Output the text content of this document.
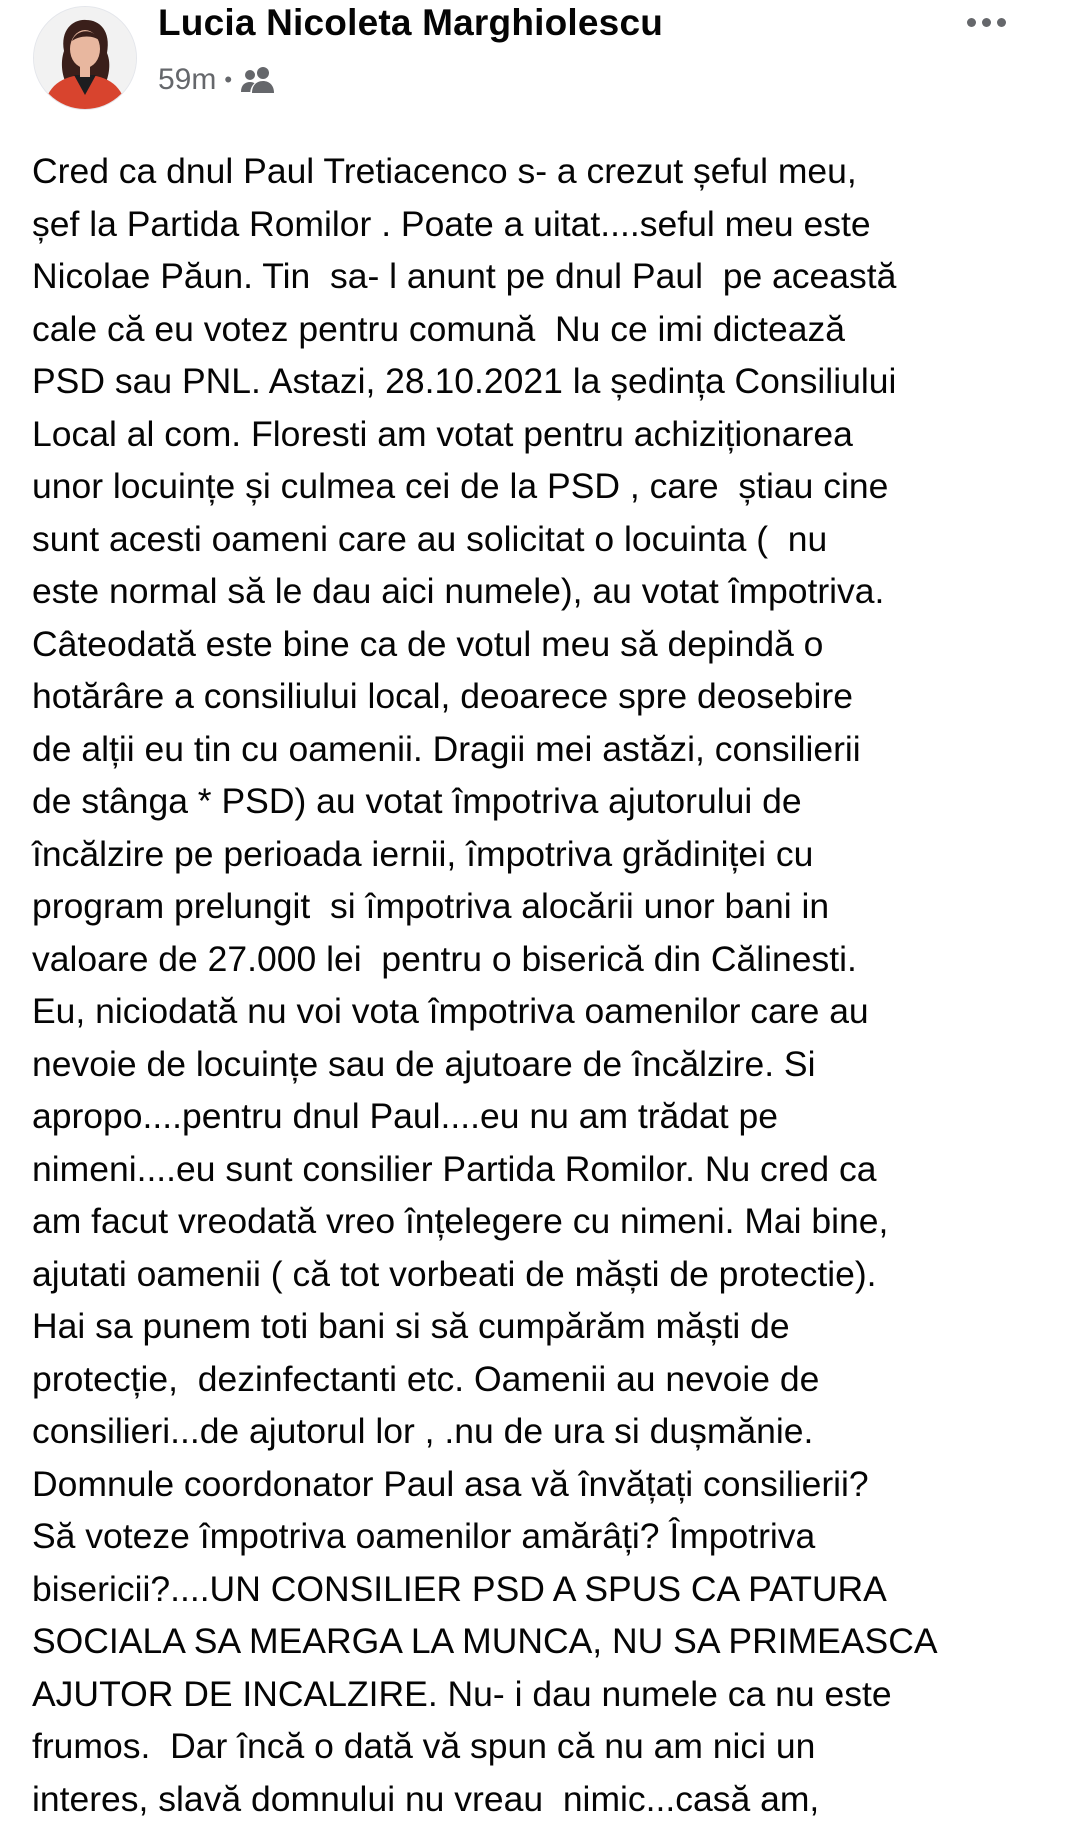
Lucia Nicoleta Marghiolescu
59m •
Cred ca dnul Paul Tretiacenco s- a crezut șeful meu,
șef la Partida Romilor . Poate a uitat....seful meu este
Nicolae Păun. Tin  sa- l anunt pe dnul Paul  pe această
cale că eu votez pentru comună  Nu ce imi dictează
PSD sau PNL. Astazi, 28.10.2021 la ședința Consiliului
Local al com. Floresti am votat pentru achiziționarea
unor locuințe și culmea cei de la PSD , care  știau cine
sunt acesti oameni care au solicitat o locuinta (  nu
este normal să le dau aici numele), au votat împotriva.
Câteodată este bine ca de votul meu să depindă o
hotărâre a consiliului local, deoarece spre deosebire
de alții eu tin cu oamenii. Dragii mei astăzi, consilierii
de stânga * PSD) au votat împotriva ajutorului de
încălzire pe perioada iernii, împotriva grădiniței cu
program prelungit  si împotriva alocării unor bani in
valoare de 27.000 lei  pentru o biserică din Călinesti.
Eu, niciodată nu voi vota împotriva oamenilor care au
nevoie de locuințe sau de ajutoare de încălzire. Si
apropo....pentru dnul Paul....eu nu am trădat pe
nimeni....eu sunt consilier Partida Romilor. Nu cred ca
am facut vreodată vreo înțelegere cu nimeni. Mai bine,
ajutati oamenii ( că tot vorbeati de măști de protectie).
Hai sa punem toti bani si să cumpărăm măști de
protecție,  dezinfectanti etc. Oamenii au nevoie de
consilieri...de ajutorul lor , .nu de ura si dușmănie.
Domnule coordonator Paul asa vă învățați consilierii?
Să voteze împotriva oamenilor amărâți? Împotriva
bisericii?....UN CONSILIER PSD A SPUS CA PATURA
SOCIALA SA MEARGA LA MUNCA, NU SA PRIMEASCA
AJUTOR DE INCALZIRE. Nu- i dau numele ca nu este
frumos.  Dar încă o dată vă spun că nu am nici un
interes, slavă domnului nu vreau  nimic...casă am,
